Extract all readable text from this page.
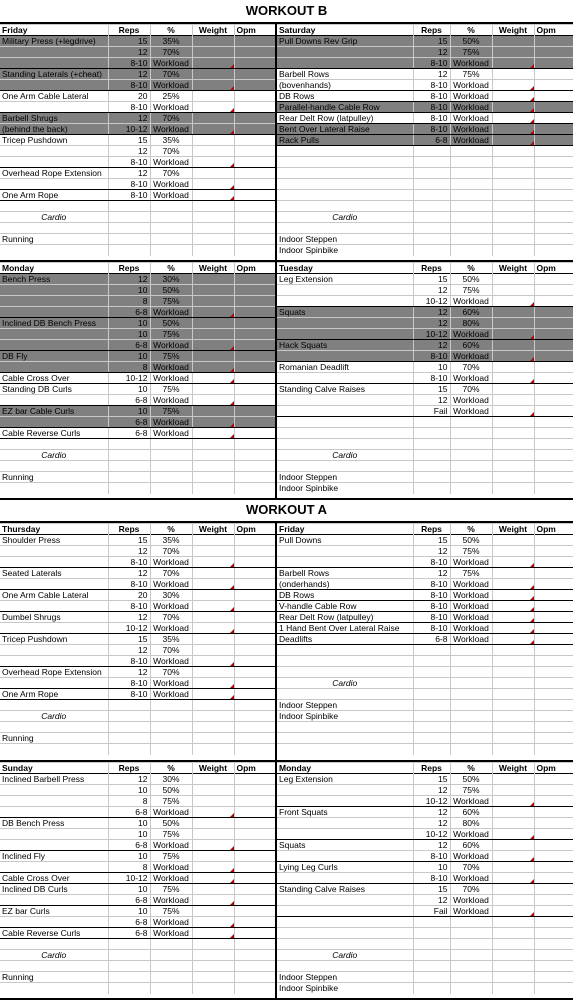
WORKOUT B
WORKOUT A
Friday	Reps	%	Weight	Opm
Military Press (+legdrive)	15	35%		
	12	70%		
	8-10	Workload		
Standing Laterals (+cheat)	12	70%		
	8-10	Workload		
One Arm Cable Lateral	20	25%		
	8-10	Workload		
Barbell Shrugs	12	70%		
(behind the back)	10-12	Workload		
Tricep Pushdown	15	35%		
	12	70%		
	8-10	Workload		
Overhead Rope Extension	12	70%		
	8-10	Workload		
One Arm Rope	8-10	Workload		

Cardio				

Running				

Saturday	Reps	%	Weight	Opm
Pull Downs Rev Grip	15	50%		
	12	75%		
	8-10	Workload		
Barbell Rows	12	75%		
(bovenhands)	8-10	Workload		
DB Rows	8-10	Workload		
Parallel-handle Cable Row	8-10	Workload		
Rear Delt Row (latpulley)	8-10	Workload		
Bent Over Lateral Raise	8-10	Workload		
Rack Pulls	6-8	Workload		

Cardio				

Indoor Steppen				
Indoor Spinbike				
Monday	Reps	%	Weight	Opm
Bench Press	12	30%		
	10	50%		
	8	75%		
	6-8	Workload		
Inclined DB Bench Press	10	50%		
	10	75%		
	6-8	Workload		
DB Fly	10	75%		
	8	Workload		
Cable Cross Over	10-12	Workload		
Standing DB Curls	10	75%		
	6-8	Workload		
EZ bar Cable Curls	10	75%		
	6-8	Workload		
Cable Reverse Curls	6-8	Workload		

Cardio				

Running				

Tuesday	Reps	%	Weight	Opm
Leg Extension	15	50%		
	12	75%		
	10-12	Workload		
Squats	12	60%		
	12	80%		
	10-12	Workload		
Hack Squats	12	60%		
	8-10	Workload		
Romanian Deadlift	10	70%		
	8-10	Workload		
Standing Calve Raises	15	70%		
	12	Workload		
	Fail	Workload		

Cardio				

Indoor Steppen				
Indoor Spinbike				
Thursday	Reps	%	Weight	Opm
Shoulder Press	15	35%		
	12	70%		
	8-10	Workload		
Seated Laterals	12	70%		
	8-10	Workload		
One Arm Cable Lateral	20	30%		
	8-10	Workload		
Dumbel Shrugs	12	70%		
	10-12	Workload		
Tricep Pushdown	15	35%		
	12	70%		
	8-10	Workload		
Overhead Rope Extension	12	70%		
	8-10	Workload		
One Arm Rope	8-10	Workload		

Cardio				

Running				

Friday	Reps	%	Weight	Opm
Pull Downs	15	50%		
	12	75%		
	8-10	Workload		
Barbell Rows	12	75%		
(onderhands)	8-10	Workload		
DB Rows	8-10	Workload		
V-handle Cable Row	8-10	Workload		
Rear Delt Row (latpulley)	8-10	Workload		
1 Hand Bent Over Lateral Raise	8-10	Workload		
Deadlifts	6-8	Workload		

Cardio				

Indoor Steppen				
Indoor Spinbike				

Sunday	Reps	%	Weight	Opm
Inclined Barbell Press	12	30%		
	10	50%		
	8	75%		
	6-8	Workload		
DB Bench Press	10	50%		
	10	75%		
	6-8	Workload		
Inclined Fly	10	75%		
	8	Workload		
Cable Cross Over	10-12	Workload		
Inclined DB Curls	10	75%		
	6-8	Workload		
EZ bar Curls	10	75%		
	6-8	Workload		
Cable Reverse Curls	6-8	Workload		

Cardio				

Running				

Monday	Reps	%	Weight	Opm
Leg Extension	15	50%		
	12	75%		
	10-12	Workload		
Front Squats	12	60%		
	12	80%		
	10-12	Workload		
Squats	12	60%		
	8-10	Workload		
Lying Leg Curls	10	70%		
	8-10	Workload		
Standing Calve Raises	15	70%		
	12	Workload		
	Fail	Workload		

Cardio				

Indoor Steppen				
Indoor Spinbike				
